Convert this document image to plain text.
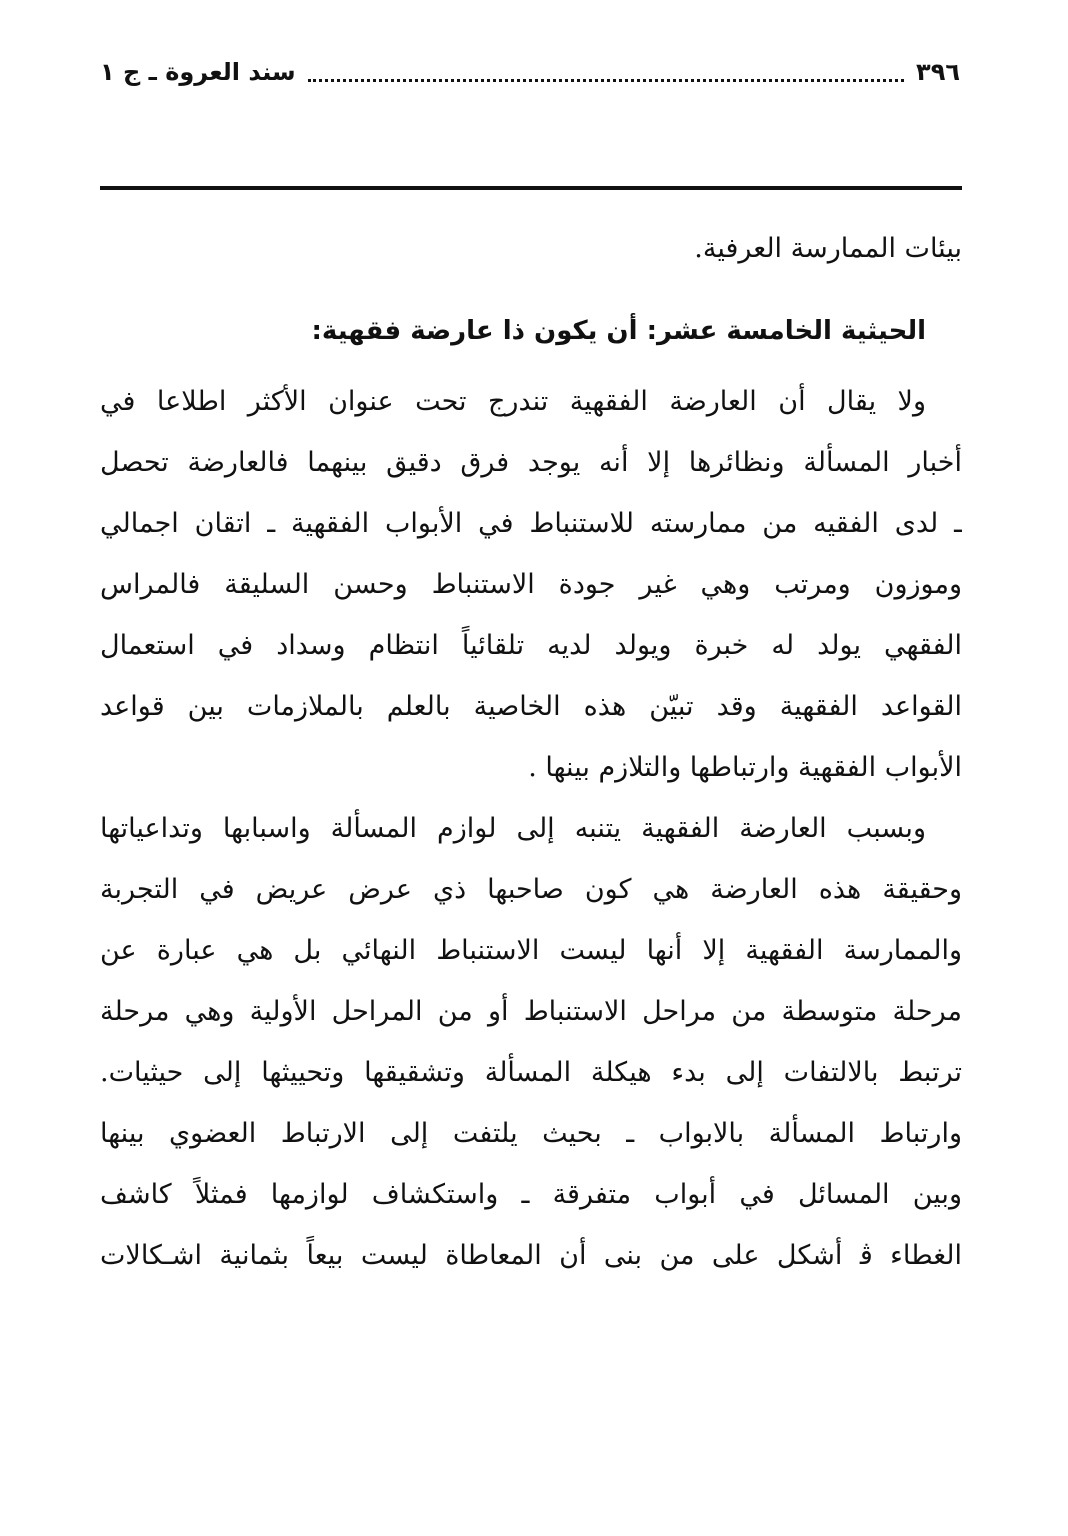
٣٩٦
سند العروة ـ ج ١
بيئات الممارسة العرفية.
الحيثية الخامسة عشر: أن يكون ذا عارضة فقهية:
ولا يقال أن العارضة الفقهية تندرج تحت عنوان الأكثر اطلاعا في
أخبار المسألة ونظائرها إلا أنه يوجد فرق دقيق بينهما فالعارضة تحصل
ـ لدى الفقيه من ممارسته للاستنباط في الأبواب الفقهية ـ اتقان اجمالي
وموزون ومرتب وهي غير جودة الاستنباط وحسن السليقة فالمراس
الفقهي يولد له خبرة ويولد لديه تلقائياً انتظام وسداد في استعمال
القواعد الفقهية وقد تبيّن هذه الخاصية بالعلم بالملازمات بين قواعد
الأبواب الفقهية وارتباطها والتلازم بينها .
وبسبب العارضة الفقهية يتنبه إلى لوازم المسألة واسبابها وتداعياتها
وحقيقة هذه العارضة هي كون صاحبها ذي عرض عريض في التجربة
والممارسة الفقهية إلا أنها ليست الاستنباط النهائي بل هي عبارة عن
مرحلة متوسطة من مراحل الاستنباط أو من المراحل الأولية وهي مرحلة
ترتبط بالالتفات إلى بدء هيكلة المسألة وتشقيقها وتحييثها إلى حيثيات.
وارتباط المسألة بالابواب ـ بحيث يلتفت إلى الارتباط العضوي بينها
وبين المسائل في أبواب متفرقة ـ واستكشاف لوازمها فمثلاً كاشف
الغطاء ﭬ أشكل على من بنى أن المعاطاة ليست بيعاً بثمانية اشـكالات
